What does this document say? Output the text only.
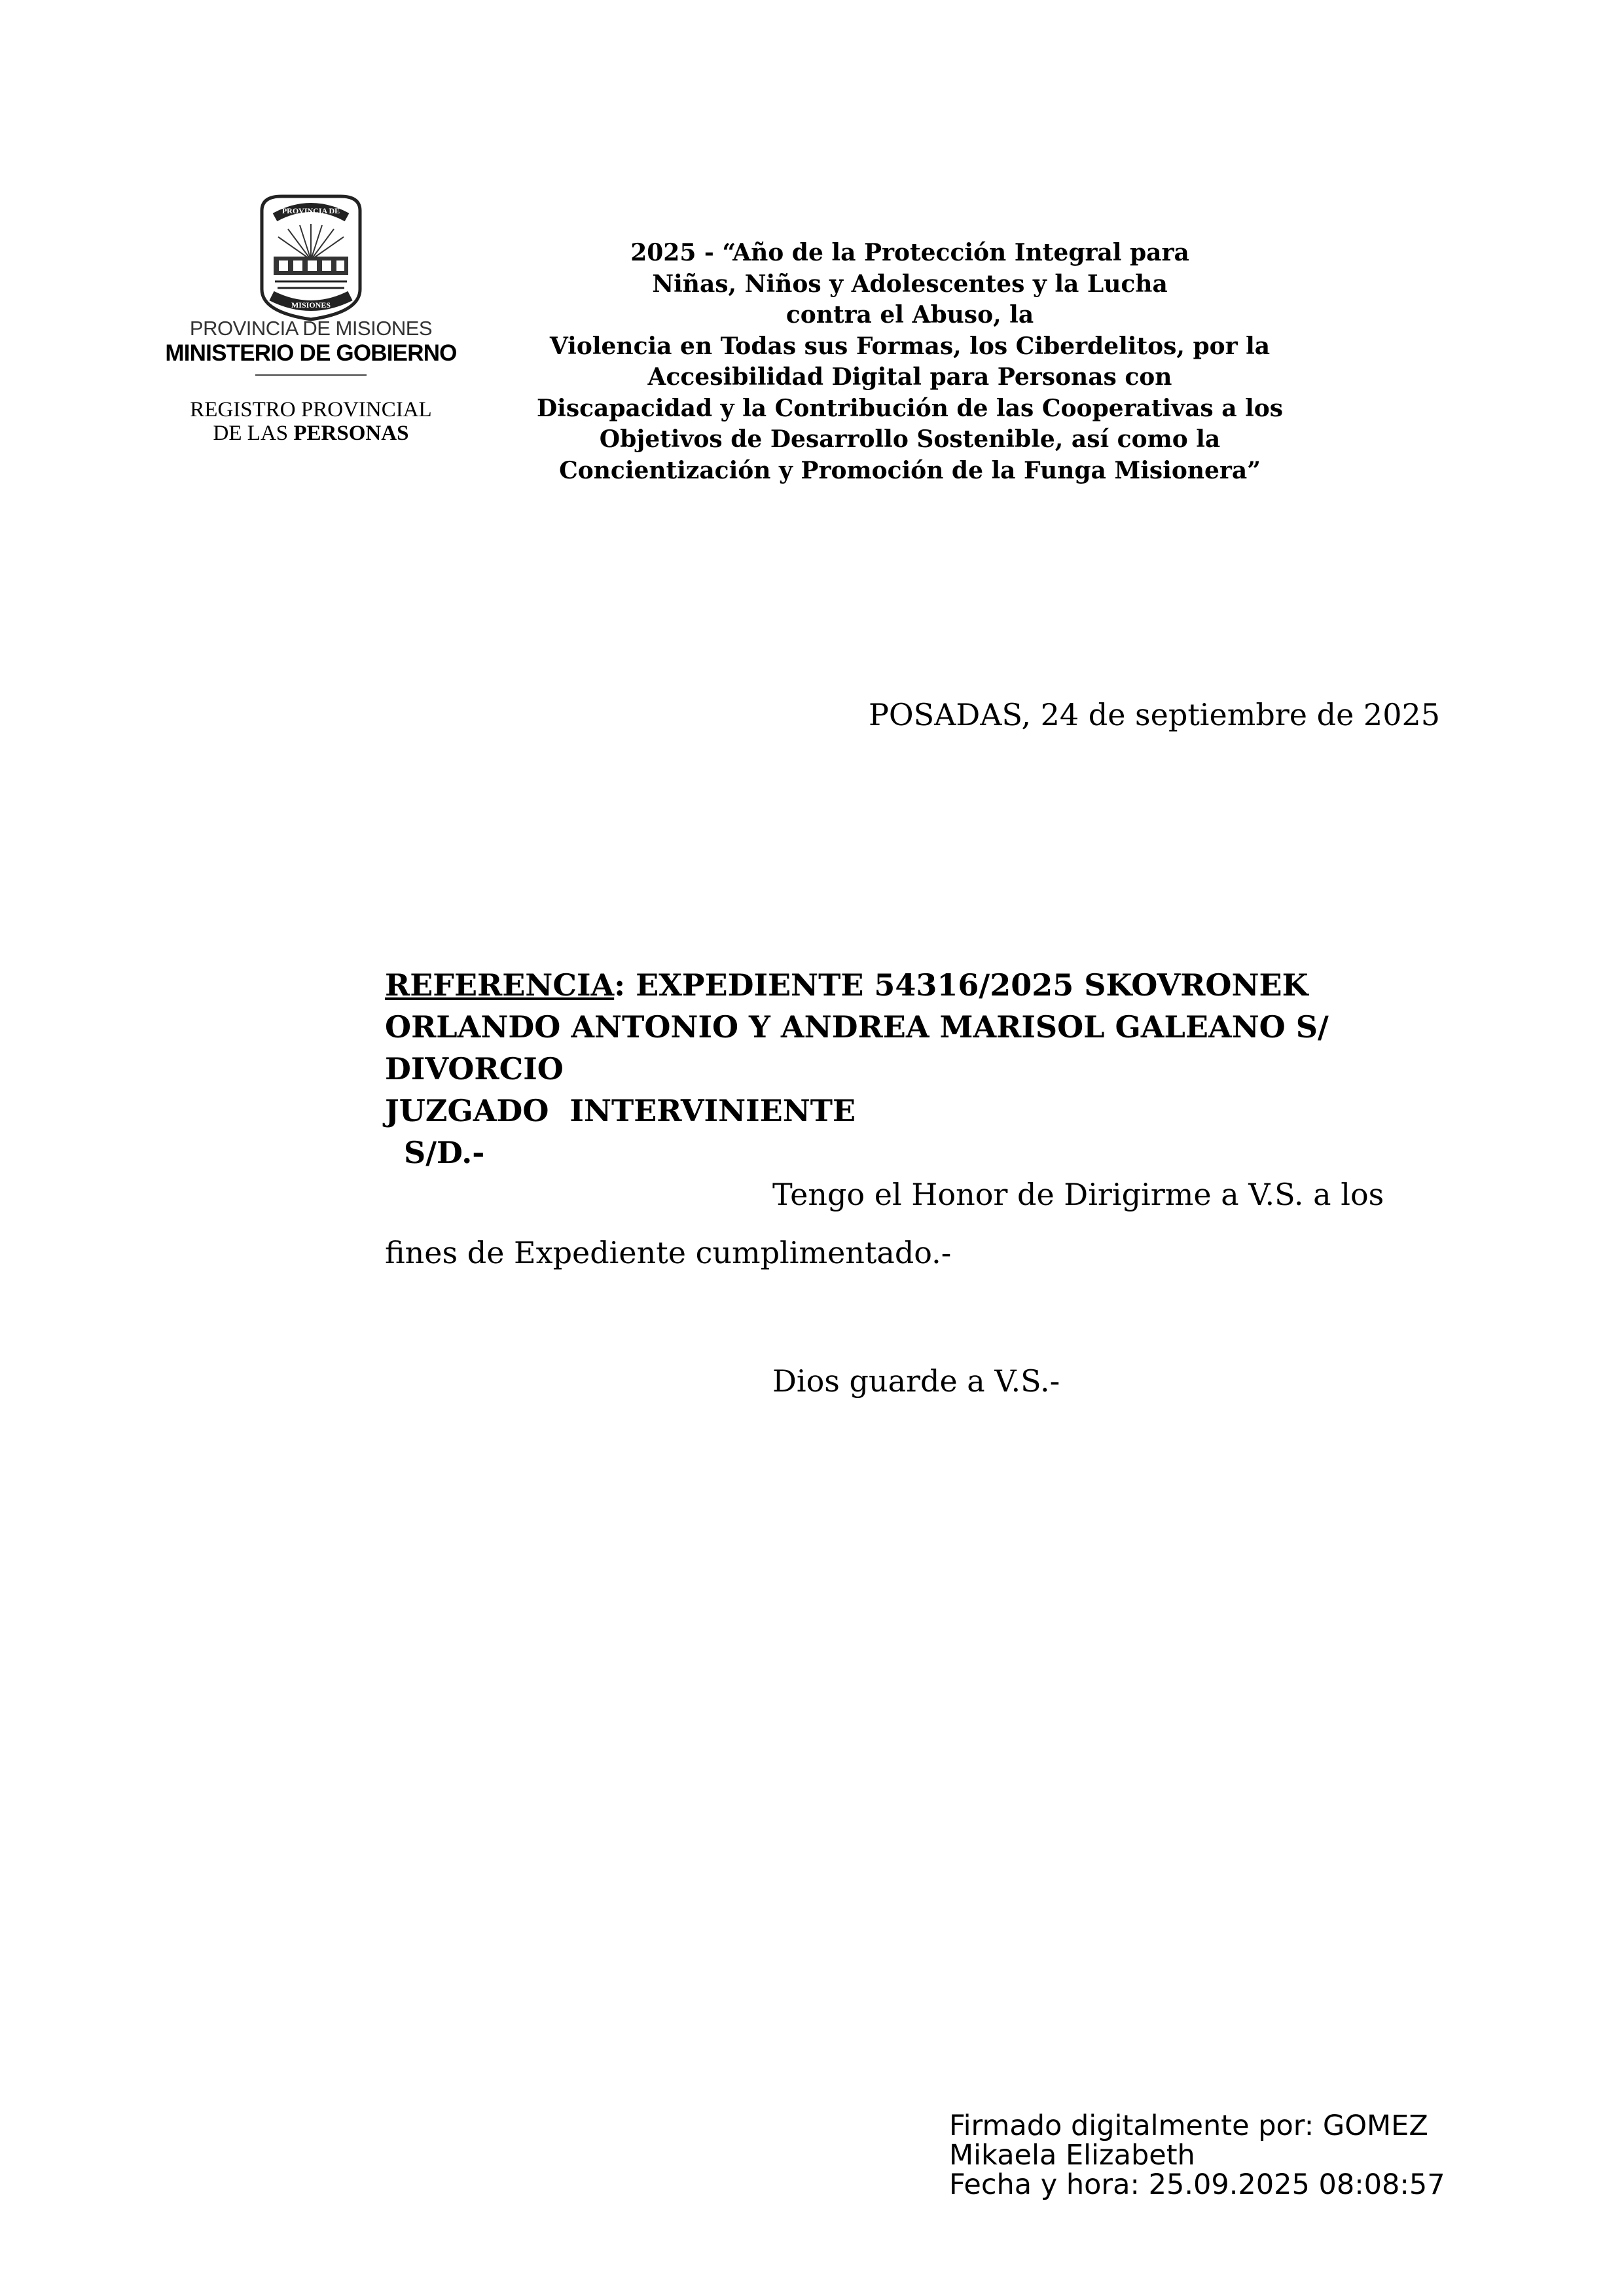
PROVINCIA DE
MISIONES
PROVINCIA DE MISIONES
MINISTERIO DE GOBIERNO
REGISTRO PROVINCIAL
DE LAS PERSONAS
2025 - “Año de la Protección Integral para
Niñas, Niños y Adolescentes y la Lucha
contra el Abuso, la
Violencia en Todas sus Formas, los Ciberdelitos, por la
Accesibilidad Digital para Personas con
Discapacidad y la Contribución de las Cooperativas a los
Objetivos de Desarrollo Sostenible, así como la
Concientización y Promoción de la Funga Misionera”
POSADAS, 24 de septiembre de 2025
REFERENCIA: EXPEDIENTE 54316/2025 SKOVRONEK
ORLANDO ANTONIO Y ANDREA MARISOL GALEANO S/
DIVORCIO
JUZGADO  INTERVINIENTE
S/D.-
Tengo el Honor de Dirigirme a V.S. a los
fines de Expediente cumplimentado.-
Dios guarde a V.S.-
Firmado digitalmente por: GOMEZ
Mikaela Elizabeth
Fecha y hora: 25.09.2025 08:08:57
